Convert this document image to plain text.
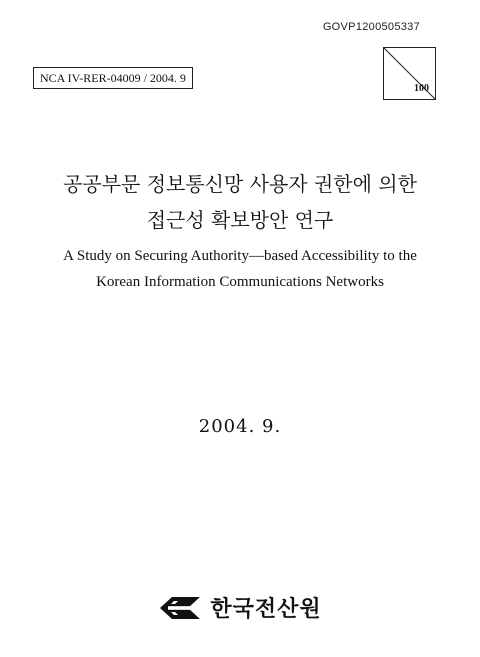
GOVP1200505337
NCA IV-RER-04009 / 2004. 9
100
공공부문 정보통신망 사용자 권한에 의한
접근성 확보방안 연구
A Study on Securing Authority—based Accessibility to the
Korean Information Communications Networks
2004. 9.
한국전산원
